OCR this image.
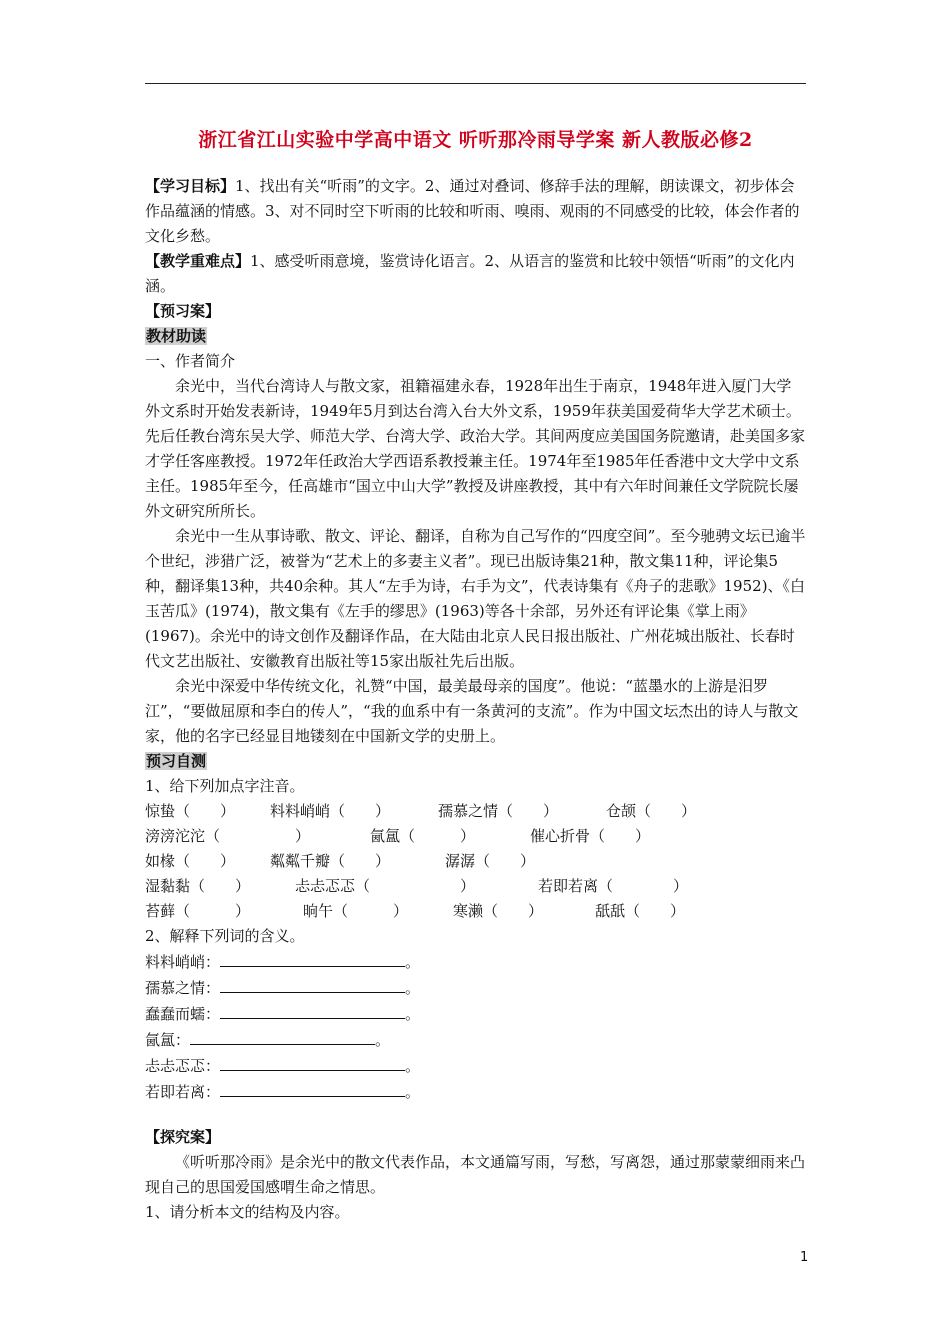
浙江省江山实验中学高中语文 听听那冷雨导学案 新人教版必修2

【学习目标】1、找出有关“听雨”的文字。2、通过对叠词、修辞手法的理解，朗读课文，初步体会作品蕴涵的情感。3、对不同时空下听雨的比较和听雨、嗅雨、观雨的不同感受的比较，体会作者的文化乡愁。

【教学重难点】1、感受听雨意境，鉴赏诗化语言。2、从语言的鉴赏和比较中领悟“听雨”的文化内涵。

【预习案】

教材助读

一、作者简介

余光中，当代台湾诗人与散文家，祖籍福建永春，1928年出生于南京，1948年进入厦门大学外文系时开始发表新诗，1949年5月到达台湾入台大外文系，1959年获美国爱荷华大学艺术硕士。先后任教台湾东吴大学、师范大学、台湾大学、政治大学。其间两度应美国国务院邀请，赴美国多家才学任客座教授。1972年任政治大学西语系教授兼主任。1974年至1985年任香港中文大学中文系主任。1985年至今，任高雄市“国立中山大学”教授及讲座教授，其中有六年时间兼任文学院院长屡外文研究所所长。

余光中一生从事诗歌、散文、评论、翻译，自称为自己写作的“四度空间”。至今驰骋文坛已逾半个世纪，涉猎广泛，被誉为“艺术上的多妻主义者”。现已出版诗集21种，散文集11种，评论集5种，翻译集13种，共40余种。其人“左手为诗，右手为文”，代表诗集有《舟子的悲歌》1952)、《白玉苦瓜》(1974)，散文集有《左手的缪思》(1963)等各十余部，另外还有评论集《掌上雨》(1967)。余光中的诗文创作及翻译作品，在大陆由北京人民日报出版社、广州花城出版社、长春时代文艺出版社、安徽教育出版社等15家出版社先后出版。

余光中深爱中华传统文化，礼赞“中国，最美最母亲的国度”。他说：“蓝墨水的上游是汨罗江”，“要做屈原和李白的传人”，“我的血系中有一条黄河的支流”。作为中国文坛杰出的诗人与散文家，他的名字已经显目地镂刻在中国新文学的史册上。

预习自测

1、给下列加点字注音。

惊蛰（　　）	料料峭峭（　　）	孺慕之情（　　）	仓颉（　　）
滂滂沱沱（　　　　　）	氤氲（　　　）	催心折骨（　　）
如椽（　　）	粼粼千瓣（　　）	潺潺（　　）
湿黏黏（　　）	忐忐忑忑（　　　　　　）	若即若离（　　　　）
苔藓（　　　）	晌午（　　　）	寒濑（　　）	舐舐（　　）

2、解释下列词的含义。

料料峭峭：	。

孺慕之情：	。

蠢蠢而蠕：	。

氤氲：	。

忐忐忑忑：	。

若即若离：	。

【探究案】

《听听那冷雨》是余光中的散文代表作品，本文通篇写雨，写愁，写离怨，通过那蒙蒙细雨来凸现自己的思国爱国感喟生命之情思。

1、请分析本文的结构及内容。

1
